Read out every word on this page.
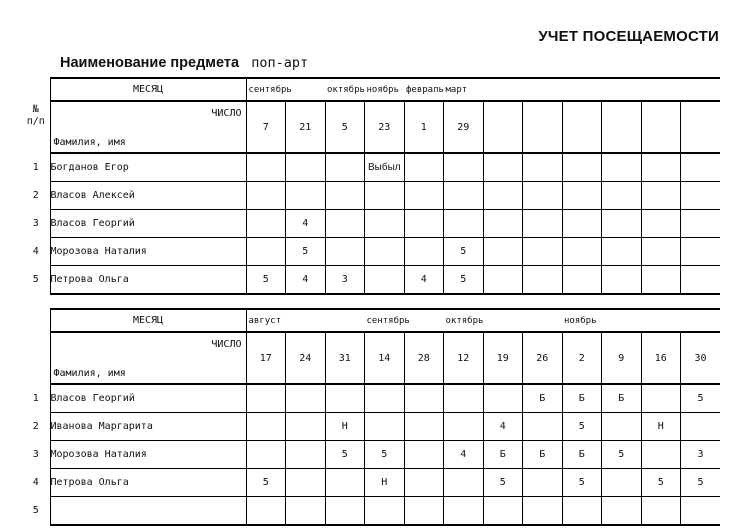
УЧЕТ ПОСЕЩАЕМОСТИ
Наименование предмета поп-арт
№
п/п	МЕСЯЦ	сентябрь		октябрь	ноябрь	февраль	март						

	ЧИСЛО
Фамилия, имя	7	21	5	23	1	29						
1	Богданов Егор				Выбыл								
2	Власов Алексей												
3	Власов Георгий		4										
4	Морозова Наталия		5				5						
5	Петрова Ольга	5	4	3		4	5						
	МЕСЯЦ	август			сентябрь		октябрь			ноябрь			

	ЧИСЛО
Фамилия, имя	17	24	31	14	28	12	19	26	2	9	16	30
1	Власов Георгий								Б	Б	Б		5
2	Иванова Маргарита			Н				4		5		Н	
3	Морозова Наталия			5	5		4	Б	Б	Б	5		3
4	Петрова Ольга	5			Н			5		5		5	5
5													
